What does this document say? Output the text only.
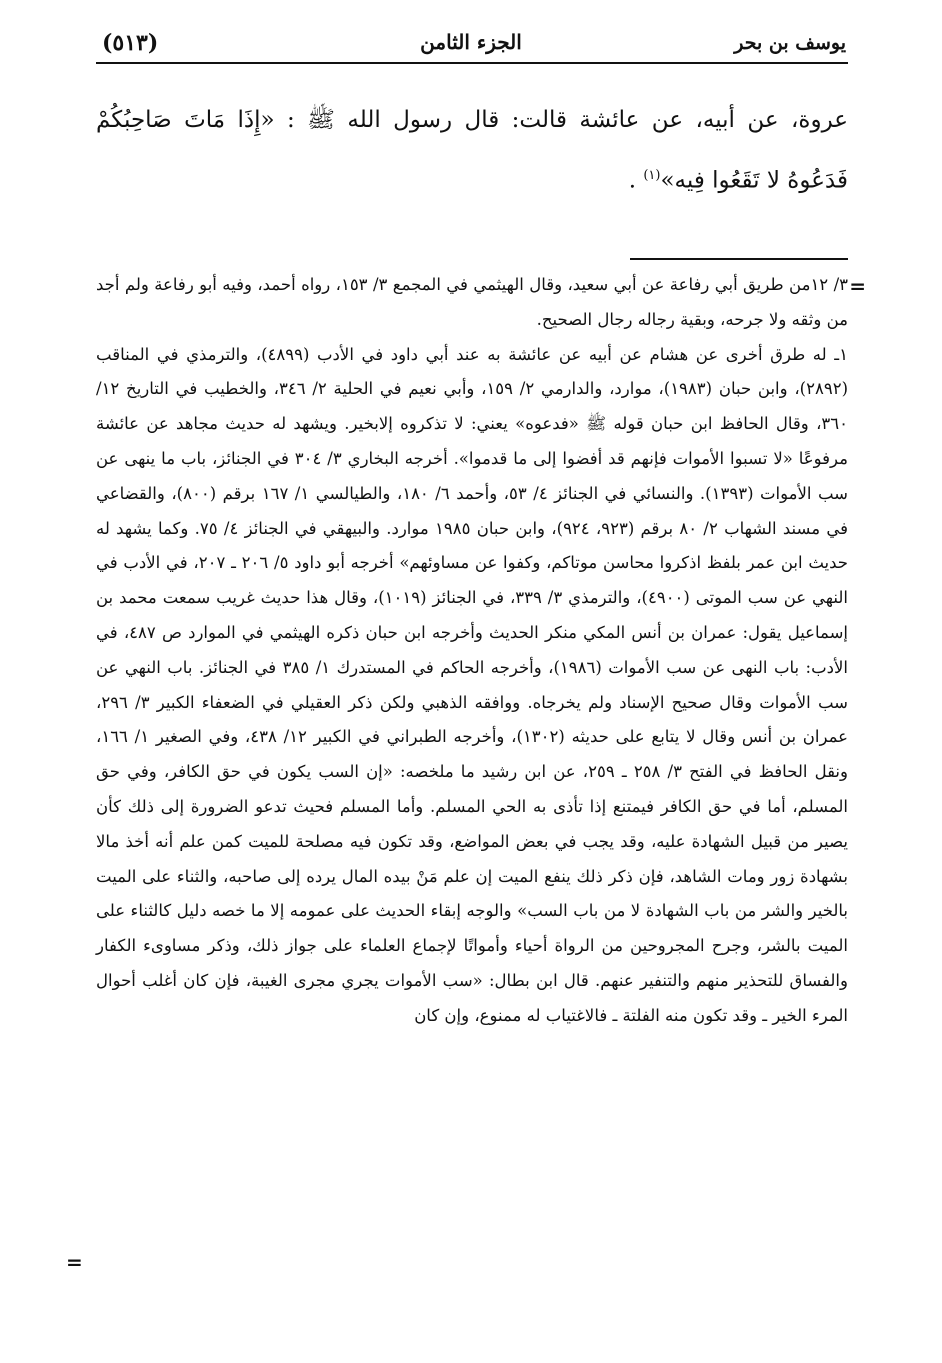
يوسف بن بحر
الجزء الثامن
(٥١٣)

عروة، عن أبيه، عن عائشة قالت: قال رسول الله ﷺ : «إِذَا مَاتَ صَاحِبُكُمْ فَدَعُوهُ لا تَقَعُوا فِيه»$^{(١)}$ .

=
=

٣/ ١٢من طريق أبي رفاعة عن أبي سعيد، وقال الهيثمي في المجمع ٣/ ١٥٣، رواه أحمد، وفيه أبو رفاعة ولم أجد من وثقه ولا جرحه، وبقية رجاله رجال الصحيح.

١ـ له طرق أخرى عن هشام عن أبيه عن عائشة به عند أبي داود في الأدب (٤٨٩٩)، والترمذي في المناقب (٢٨٩٢)، وابن حبان (١٩٨٣)، موارد، والدارمي ٢/ ١٥٩، وأبي نعيم في الحلية ٢/ ٣٤٦، والخطيب في التاريخ ١٢/ ٣٦٠، وقال الحافظ ابن حبان قوله ﷺ «فدعوه» يعني: لا تذكروه إلابخير. ويشهد له حديث مجاهد عن عائشة مرفوعًا «لا تسبوا الأموات فإنهم قد أفضوا إلى ما قدموا». أخرجه البخاري ٣/ ٣٠٤ في الجنائز، باب ما ينهى عن سب الأموات (١٣٩٣). والنسائي في الجنائز ٤/ ٥٣، وأحمد ٦/ ١٨٠، والطيالسي ١/ ١٦٧ برقم (٨٠٠)، والقضاعي في مسند الشهاب ٢/ ٨٠ برقم (٩٢٣، ٩٢٤)، وابن حبان ١٩٨٥ موارد. والبيهقي في الجنائز ٤/ ٧٥. وكما يشهد له حديث ابن عمر بلفظ اذكروا محاسن موتاكم، وكفوا عن مساوئهم» أخرجه أبو داود ٥/ ٢٠٦ ـ ٢٠٧، في الأدب في النهي عن سب الموتى (٤٩٠٠)، والترمذي ٣/ ٣٣٩، في الجنائز (١٠١٩)، وقال هذا حديث غريب سمعت محمد بن إسماعيل يقول: عمران بن أنس المكي منكر الحديث وأخرجه ابن حبان ذكره الهيثمي في الموارد ص ٤٨٧، في الأدب: باب النهى عن سب الأموات (١٩٨٦)، وأخرجه الحاكم في المستدرك ١/ ٣٨٥ في الجنائز. باب النهي عن سب الأموات وقال صحيح الإسناد ولم يخرجاه. ووافقه الذهبي ولكن ذكر العقيلي في الضعفاء الكبير ٣/ ٢٩٦، عمران بن أنس وقال لا يتابع على حديثه (١٣٠٢)، وأخرجه الطبراني في الكبير ١٢/ ٤٣٨، وفي الصغير ١/ ١٦٦، ونقل الحافظ في الفتح ٣/ ٢٥٨ ـ ٢٥٩، عن ابن رشيد ما ملخصه: «إن السب يكون في حق الكافر، وفي حق المسلم، أما في حق الكافر فيمتنع إذا تأذى به الحي المسلم. وأما المسلم فحيث تدعو الضرورة إلى ذلك كأن يصير من قبيل الشهادة عليه، وقد يجب في بعض المواضع، وقد تكون فيه مصلحة للميت كمن علم أنه أخذ مالا بشهادة زور ومات الشاهد، فإن ذكر ذلك ينفع الميت إن علم مَنْ بيده المال يرده إلى صاحبه، والثناء على الميت بالخير والشر من باب الشهادة لا من باب السب» والوجه إبقاء الحديث على عمومه إلا ما خصه دليل كالثناء على الميت بالشر، وجرح المجروحين من الرواة أحياء وأمواتًا لإجماع العلماء على جواز ذلك، وذكر مساوىء الكفار والفساق للتحذير منهم والتنفير عنهم. قال ابن بطال: «سب الأموات يجري مجرى الغيبة، فإن كان أغلب أحوال المرء الخير ـ وقد تكون منه الفلتة ـ فالاغتياب له ممنوع، وإن كان
